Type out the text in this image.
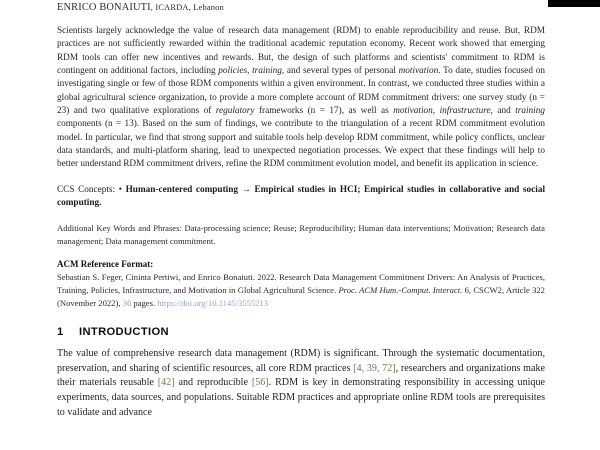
ENRICO BONAIUTI, ICARDA, Lebanon

Scientists largely acknowledge the value of research data management (RDM) to enable reproducibility and reuse. But, RDM practices are not sufficiently rewarded within the traditional academic reputation economy. Recent work showed that emerging RDM tools can offer new incentives and rewards. But, the design of such platforms and scientists' commitment to RDM is contingent on additional factors, including policies, training, and several types of personal motivation. To date, studies focused on investigating single or few of those RDM components within a given environment. In contrast, we conducted three studies within a global agricultural science organization, to provide a more complete account of RDM commitment drivers: one survey study (n = 23) and two qualitative explorations of regulatory frameworks (n = 17), as well as motivation, infrastructure, and training components (n = 13). Based on the sum of findings, we contribute to the triangulation of a recent RDM commitment evolution model. In particular, we find that strong support and suitable tools help develop RDM commitment, while policy conflicts, unclear data standards, and multi-platform sharing, lead to unexpected negotiation processes. We expect that these findings will help to better understand RDM commitment drivers, refine the RDM commitment evolution model, and benefit its application in science.

CCS Concepts: • Human-centered computing → Empirical studies in HCI; Empirical studies in collaborative and social computing.
Additional Key Words and Phrases: Data-processing science; Reuse; Reproducibility; Human data interventions; Motivation; Research data management; Data management commitment.
ACM Reference Format:
Sebastian S. Feger, Cininta Pertiwi, and Enrico Bonaiuti. 2022. Research Data Management Commitment Drivers: An Analysis of Practices, Training, Policies, Infrastructure, and Motivation in Global Agricultural Science. Proc. ACM Hum.-Comput. Interact. 6, CSCW2, Article 322 (November 2022), 36 pages. https://doi.org/10.1145/3555213
1	INTRODUCTION
The value of comprehensive research data management (RDM) is significant. Through the systematic documentation, preservation, and sharing of scientific resources, all core RDM practices [4, 39, 72], researchers and organizations make their materials reusable [42] and reproducible [56]. RDM is key in demonstrating responsibility in accessing unique experiments, data sources, and populations. Suitable RDM practices and appropriate online RDM tools are prerequisites to validate and advance
